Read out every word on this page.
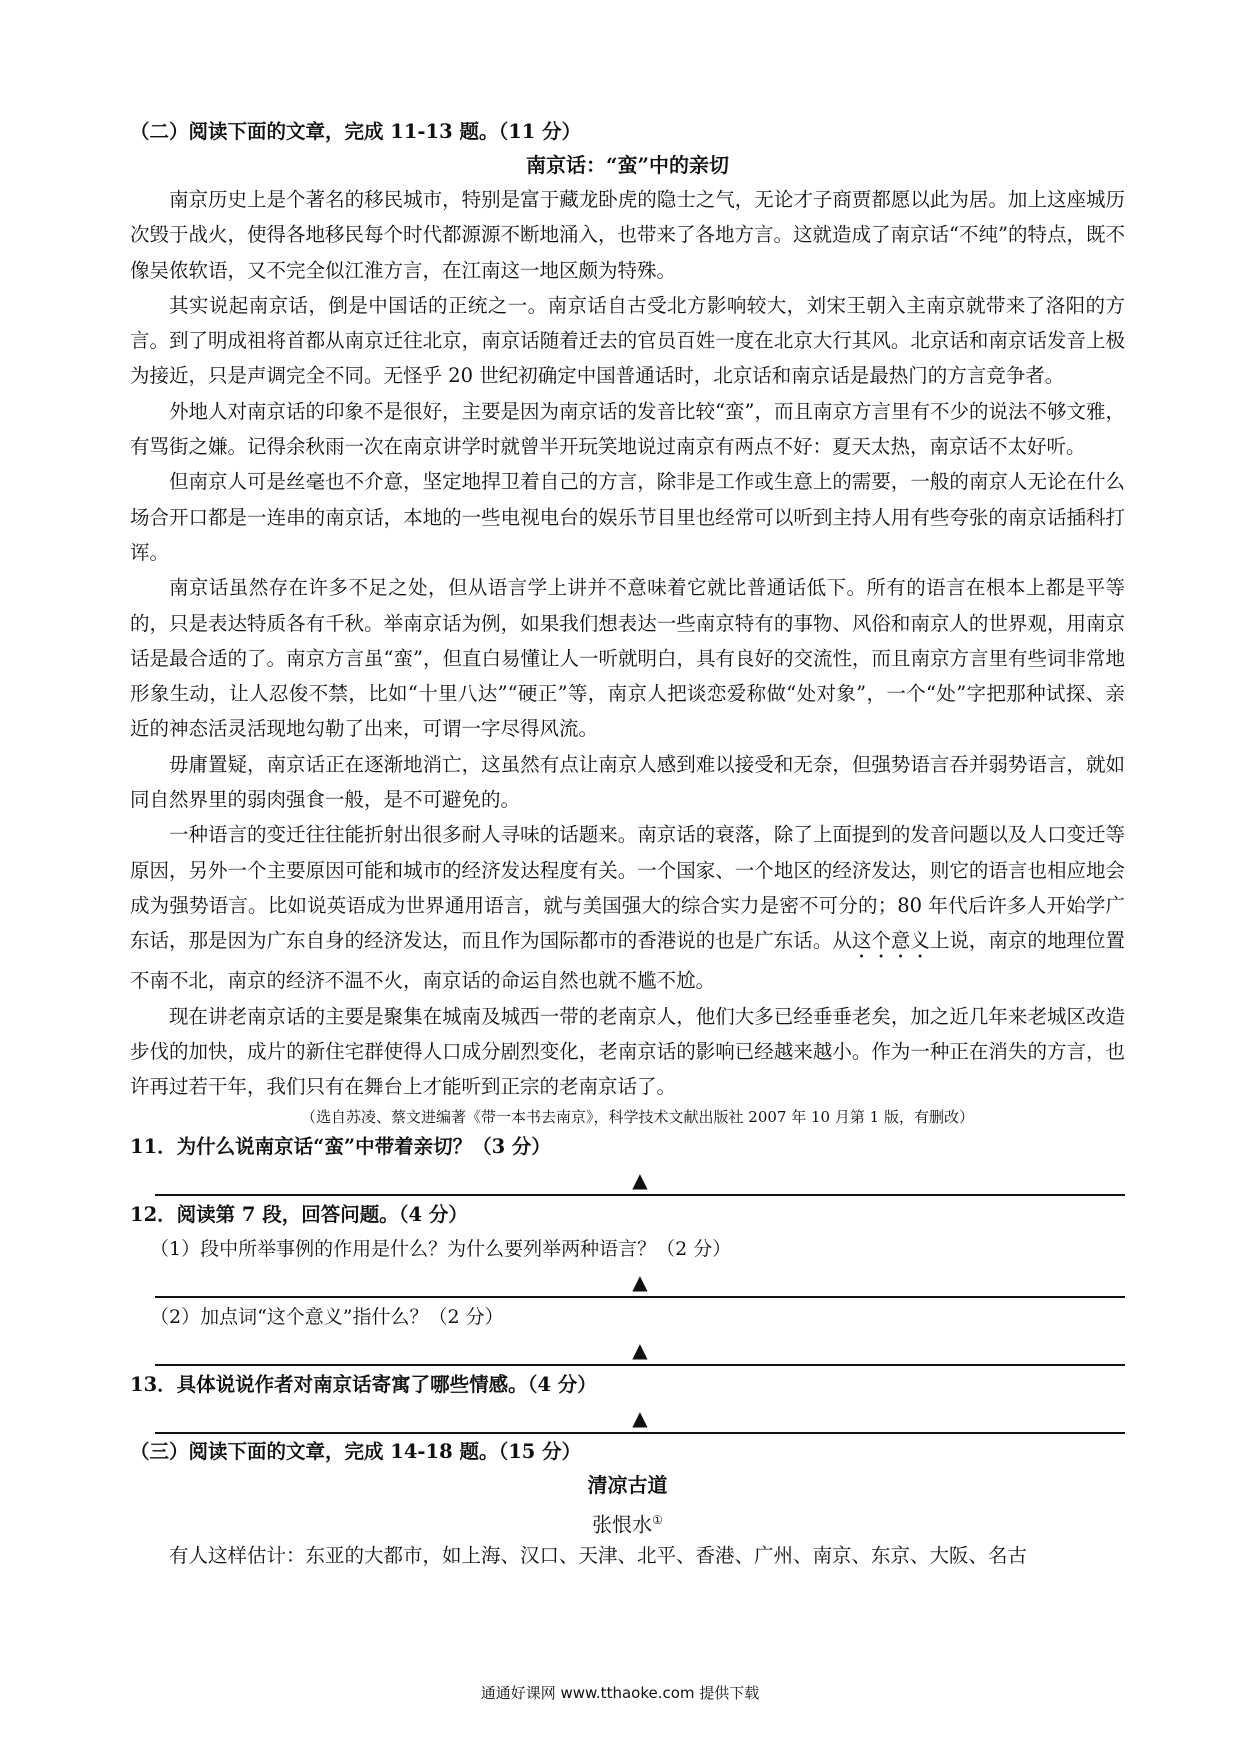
（二）阅读下面的文章，完成 11-13 题。（11 分）
南京话：“蛮”中的亲切

南京历史上是个著名的移民城市，特别是富于藏龙卧虎的隐士之气，无论才子商贾都愿以此为居。加上这座城历次毁于战火，使得各地移民每个时代都源源不断地涌入，也带来了各地方言。这就造成了南京话“不纯”的特点，既不像吴侬软语，又不完全似江淮方言，在江南这一地区颇为特殊。

其实说起南京话，倒是中国话的正统之一。南京话自古受北方影响较大，刘宋王朝入主南京就带来了洛阳的方言。到了明成祖将首都从南京迁往北京，南京话随着迁去的官员百姓一度在北京大行其风。北京话和南京话发音上极为接近，只是声调完全不同。无怪乎 20 世纪初确定中国普通话时，北京话和南京话是最热门的方言竞争者。

外地人对南京话的印象不是很好，主要是因为南京话的发音比较“蛮”，而且南京方言里有不少的说法不够文雅，有骂街之嫌。记得余秋雨一次在南京讲学时就曾半开玩笑地说过南京有两点不好：夏天太热，南京话不太好听。

但南京人可是丝毫也不介意，坚定地捍卫着自己的方言，除非是工作或生意上的需要，一般的南京人无论在什么场合开口都是一连串的南京话，本地的一些电视电台的娱乐节目里也经常可以听到主持人用有些夸张的南京话插科打诨。

南京话虽然存在许多不足之处，但从语言学上讲并不意味着它就比普通话低下。所有的语言在根本上都是平等的，只是表达特质各有千秋。举南京话为例，如果我们想表达一些南京特有的事物、风俗和南京人的世界观，用南京话是最合适的了。南京方言虽“蛮”，但直白易懂让人一听就明白，具有良好的交流性，而且南京方言里有些词非常地形象生动，让人忍俊不禁，比如“十里八达”“硬正”等，南京人把谈恋爱称做“处对象”，一个“处”字把那种试探、亲近的神态活灵活现地勾勒了出来，可谓一字尽得风流。

毋庸置疑，南京话正在逐渐地消亡，这虽然有点让南京人感到难以接受和无奈，但强势语言吞并弱势语言，就如同自然界里的弱肉强食一般，是不可避免的。

一种语言的变迁往往能折射出很多耐人寻味的话题来。南京话的衰落，除了上面提到的发音问题以及人口变迁等原因，另外一个主要原因可能和城市的经济发达程度有关。一个国家、一个地区的经济发达，则它的语言也相应地会成为强势语言。比如说英语成为世界通用语言，就与美国强大的综合实力是密不可分的；80 年代后许多人开始学广东话，那是因为广东自身的经济发达，而且作为国际都市的香港说的也是广东话。从这个意义上说，南京的地理位置不南不北，南京的经济不温不火，南京话的命运自然也就不尴不尬。

现在讲老南京话的主要是聚集在城南及城西一带的老南京人，他们大多已经垂垂老矣，加之近几年来老城区改造步伐的加快，成片的新住宅群使得人口成分剧烈变化，老南京话的影响已经越来越小。作为一种正在消失的方言，也许再过若干年，我们只有在舞台上才能听到正宗的老南京话了。

（选自苏凌、蔡文进编著《带一本书去南京》，科学技术文献出版社 2007 年 10 月第 1 版，有删改）
11．为什么说南京话“蛮”中带着亲切？（3 分）
▲
12．阅读第 7 段，回答问题。（4 分）
（1）段中所举事例的作用是什么？为什么要列举两种语言？（2 分）
▲
（2）加点词“这个意义”指什么？（2 分）
▲
13．具体说说作者对南京话寄寓了哪些情感。（4 分）
▲
（三）阅读下面的文章，完成 14-18 题。（15 分）
清凉古道
张恨水①

有人这样估计：东亚的大都市，如上海、汉口、天津、北平、香港、广州、南京、东京、大阪、名古

通通好课网 www.tthaoke.com 提供下载
